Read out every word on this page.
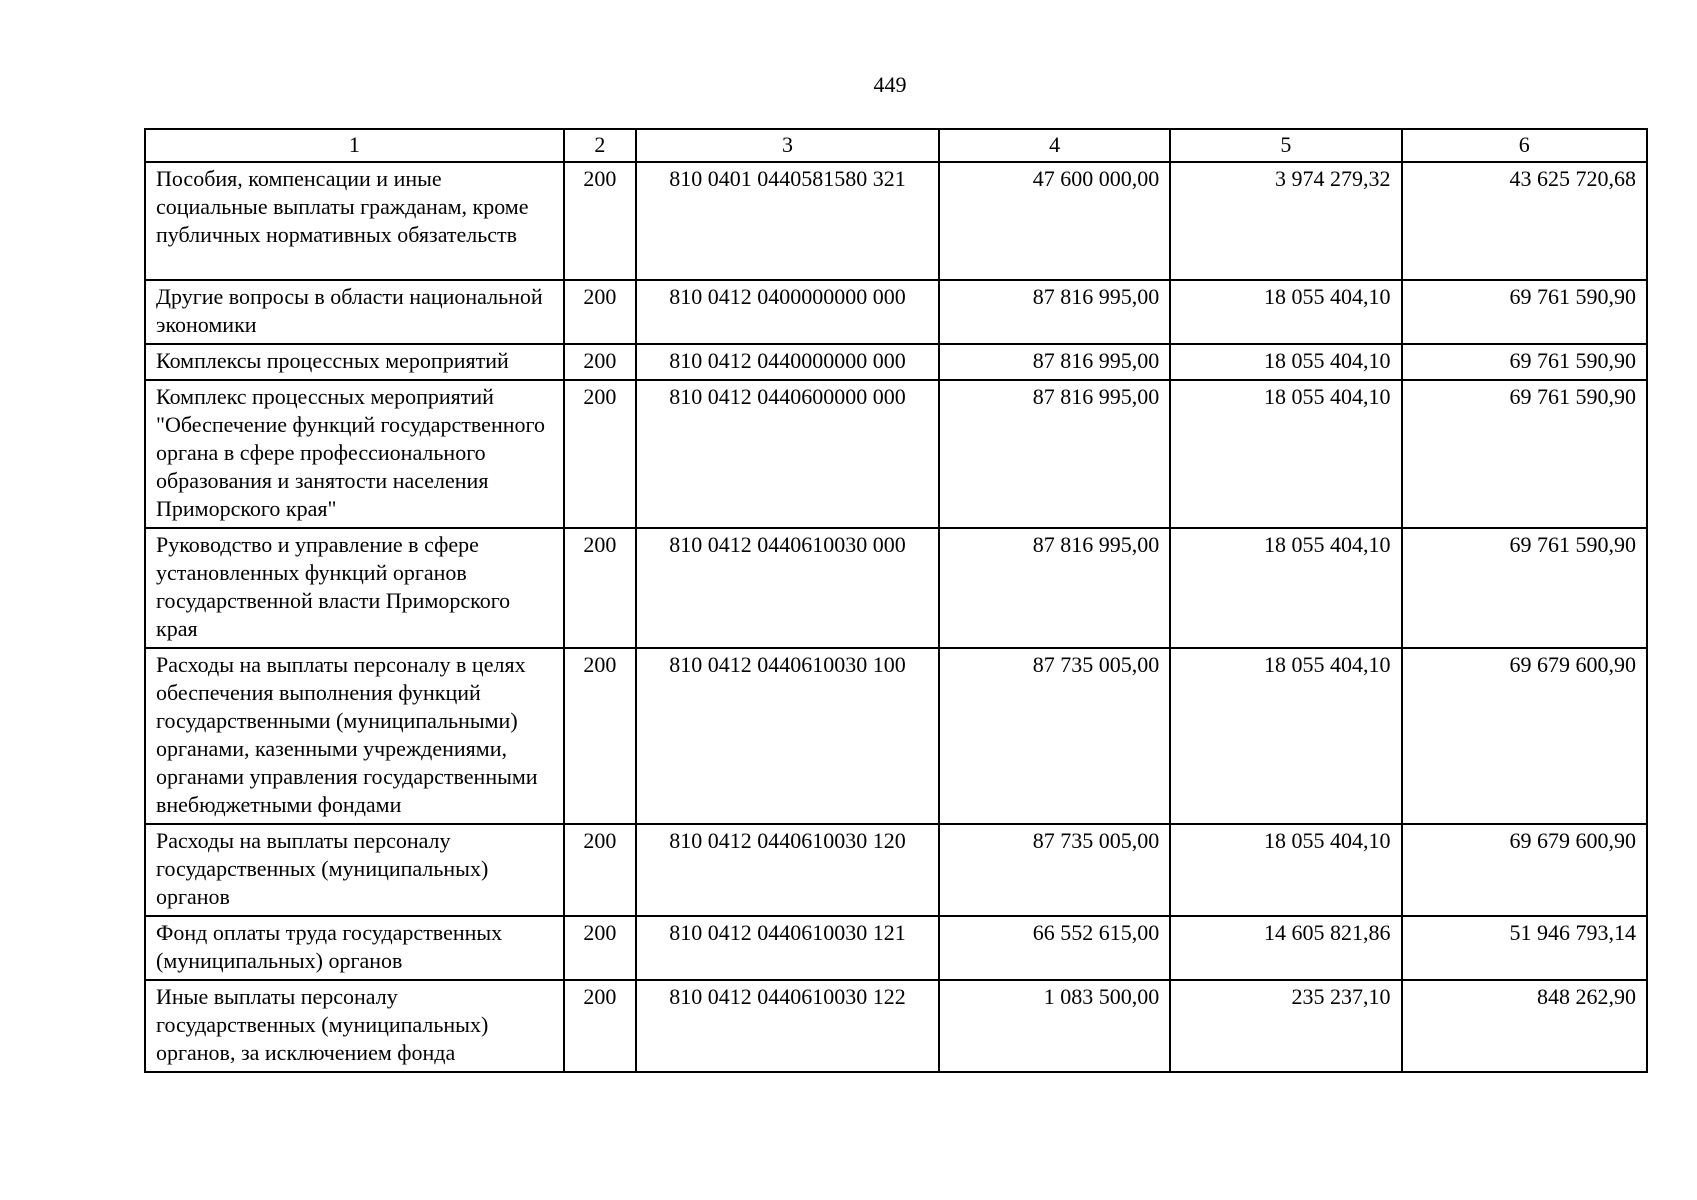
449
1	2	3	4	5	6
Пособия, компенсации и иные социальные выплаты гражданам, кроме публичных нормативных обязательств	200	810 0401 0440581580 321	47 600 000,00	3 974 279,32	43 625 720,68
Другие вопросы в области национальной экономики	200	810 0412 0400000000 000	87 816 995,00	18 055 404,10	69 761 590,90
Комплексы процессных мероприятий	200	810 0412 0440000000 000	87 816 995,00	18 055 404,10	69 761 590,90
Комплекс процессных мероприятий "Обеспечение функций государственного органа в сфере профессионального образования и занятости населения Приморского края"	200	810 0412 0440600000 000	87 816 995,00	18 055 404,10	69 761 590,90
Руководство и управление в сфере установленных функций органов государственной власти Приморского края	200	810 0412 0440610030 000	87 816 995,00	18 055 404,10	69 761 590,90
Расходы на выплаты персоналу в целях обеспечения выполнения функций государственными (муниципальными) органами, казенными учреждениями, органами управления государственными внебюджетными фондами	200	810 0412 0440610030 100	87 735 005,00	18 055 404,10	69 679 600,90
Расходы на выплаты персоналу государственных (муниципальных) органов	200	810 0412 0440610030 120	87 735 005,00	18 055 404,10	69 679 600,90
Фонд оплаты труда государственных (муниципальных) органов	200	810 0412 0440610030 121	66 552 615,00	14 605 821,86	51 946 793,14
Иные выплаты персоналу государственных (муниципальных) органов, за исключением фонда	200	810 0412 0440610030 122	1 083 500,00	235 237,10	848 262,90
